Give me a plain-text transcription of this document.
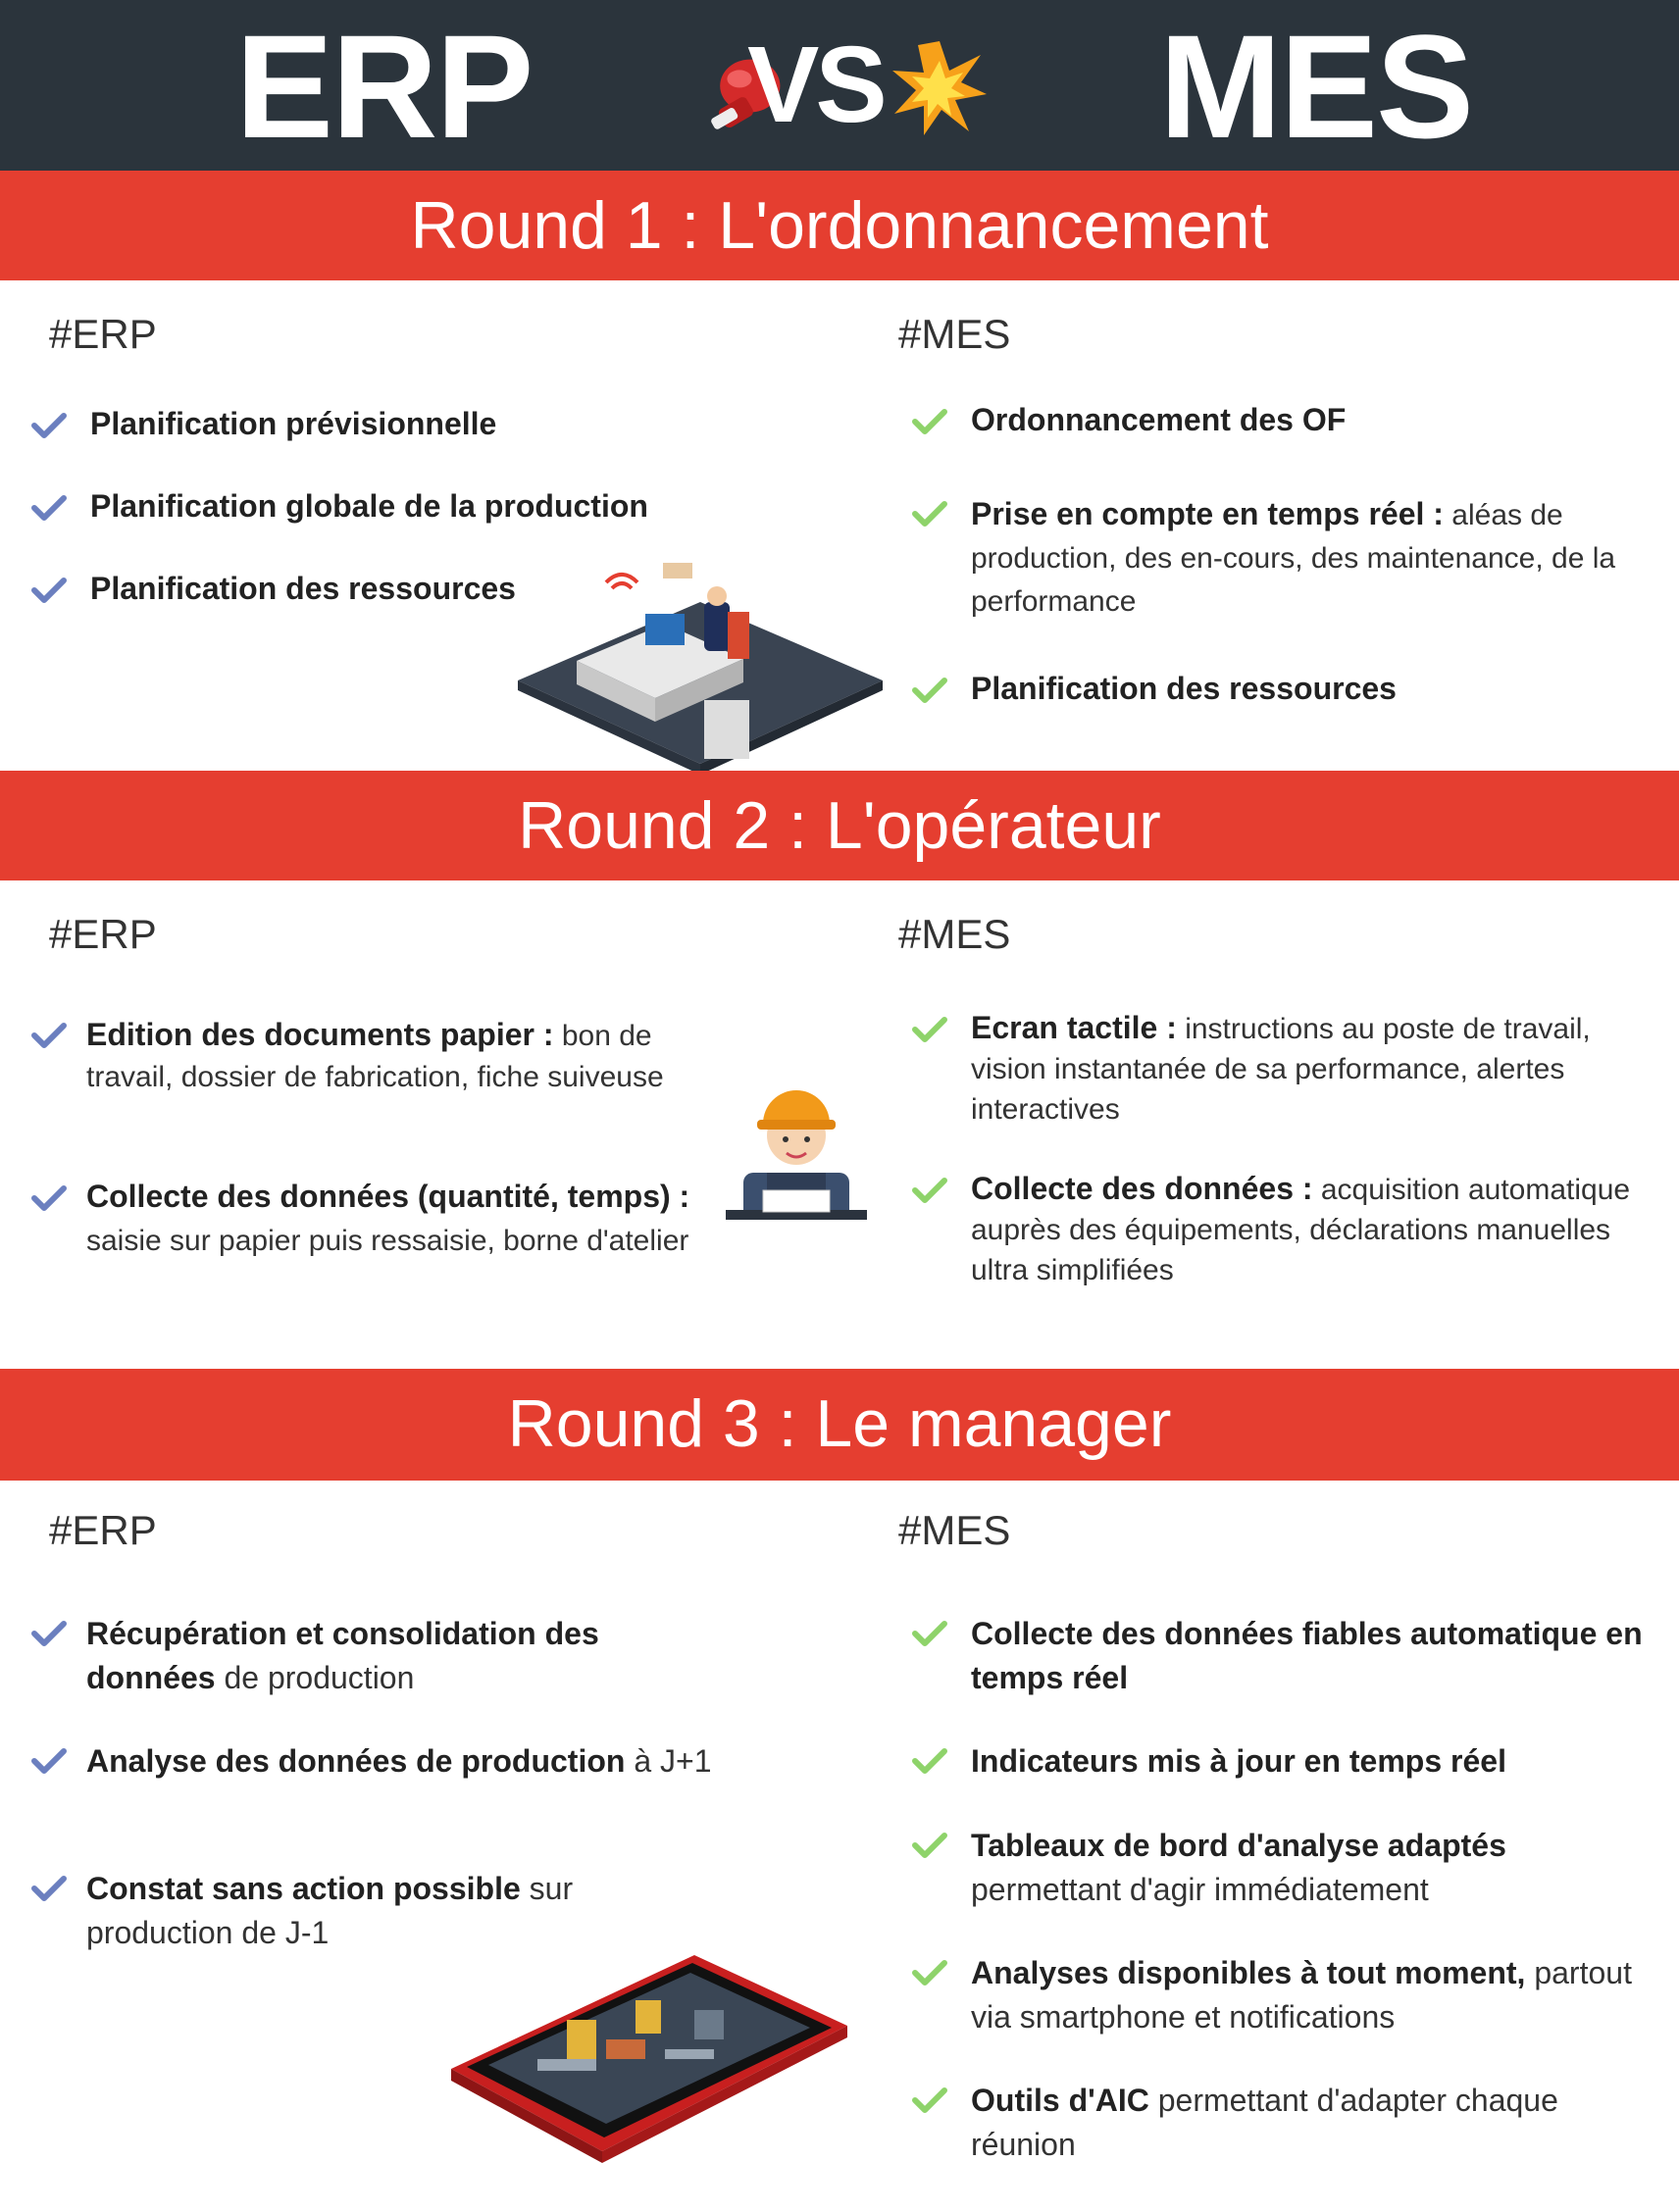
ERP VS MES
Round 1 : L'ordonnancement
#ERP	#MES
Planification prévisionnelle
Planification globale de la production
Planification des ressources
Ordonnancement des OF
Prise en compte en temps réel : aléas de production, des en-cours, des maintenance, de la performance
Planification des ressources
Round 2 : L'opérateur
#ERP	#MES
Edition des documents papier : bon de travail, dossier de fabrication, fiche suiveuse
Collecte des données (quantité, temps) : saisie sur papier puis ressaisie, borne d'atelier
Ecran tactile : instructions au poste de travail, vision instantanée de sa performance, alertes interactives
Collecte des données : acquisition automatique auprès des équipements, déclarations manuelles ultra simplifiées
Round 3 : Le manager
#ERP	#MES
Récupération et consolidation des données de production
Analyse des données de production à J+1
Constat sans action possible sur production de J-1
Collecte des données fiables automatique en temps réel
Indicateurs mis à jour en temps réel
Tableaux de bord d'analyse adaptés permettant d'agir immédiatement
Analyses disponibles à tout moment, partout via smartphone et notifications
Outils d'AIC permettant d'adapter chaque réunion
